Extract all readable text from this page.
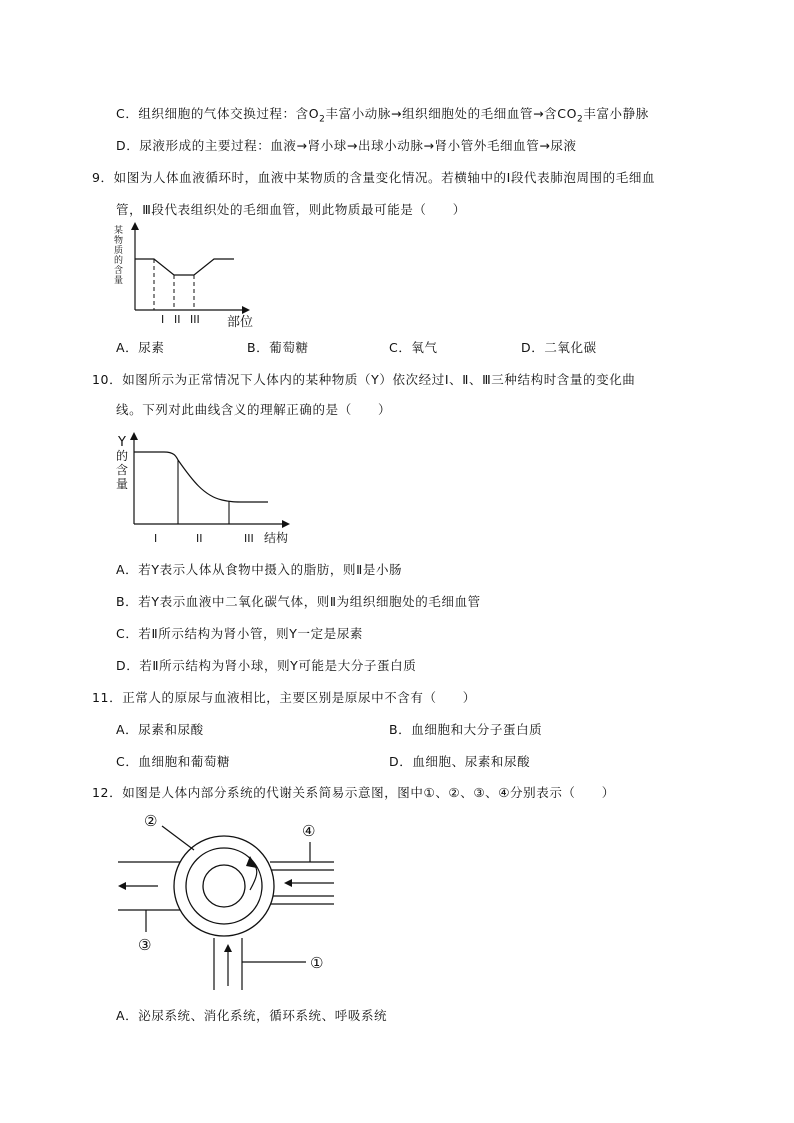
C．组织细胞的气体交换过程：含$O_2$丰富小动脉→组织细胞处的毛细血管→含$CO_2$丰富小静脉
D．尿液形成的主要过程：血液→肾小球→出球小动脉→肾小管外毛细血管→尿液
9．如图为人体血液循环时，血液中某物质的含量变化情况。若横轴中的Ⅰ段代表肺泡周围的毛细血
管，Ⅲ段代表组织处的毛细血管，则此物质最可能是（　　）
某物质的含量
I II III 部位
A．尿素	B．葡萄糖	C．氧气	D．二氧化碳
10．如图所示为正常情况下人体内的某种物质（Y）依次经过Ⅰ、Ⅱ、Ⅲ三种结构时含量的变化曲
线。下列对此曲线含义的理解正确的是（　　）
Y
的含量
I	II	III 结构
A．若Y表示人体从食物中摄入的脂肪，则Ⅱ是小肠
B．若Y表示血液中二氧化碳气体，则Ⅱ为组织细胞处的毛细血管
C．若Ⅱ所示结构为肾小管，则Y一定是尿素
D．若Ⅱ所示结构为肾小球，则Y可能是大分子蛋白质
11．正常人的原尿与血液相比，主要区别是原尿中不含有（　　）
A．尿素和尿酸	B．血细胞和大分子蛋白质
C．血细胞和葡萄糖	D．血细胞、尿素和尿酸
12．如图是人体内部分系统的代谢关系简易示意图，图中①、②、③、④分别表示（　　）
②
④
③
①
A．泌尿系统、消化系统，循环系统、呼吸系统
